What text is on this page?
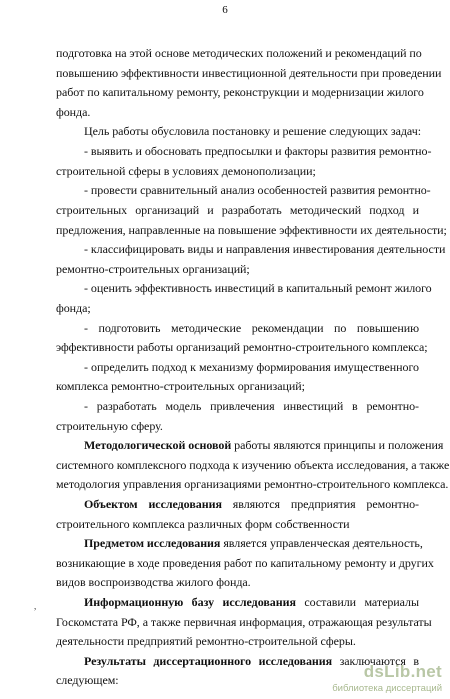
6
подготовка на этой основе методических положений и рекомендаций по
повышению эффективности инвестиционной деятельности при проведении
работ по капитальному ремонту, реконструкции и модернизации жилого
фонда.
Цель работы обусловила постановку и решение следующих задач:
- выявить и обосновать предпосылки и факторы развития ремонтно-
строительной сферы в условиях демонополизации;
- провести сравнительный анализ особенностей развития ремонтно-
строительных организаций и разработать методический подход и
предложения, направленные на повышение эффективности их деятельности;
- классифицировать виды и направления инвестирования деятельности
ремонтно-строительных организаций;
- оценить эффективность инвестиций в капитальный ремонт жилого
фонда;
- подготовить методические рекомендации по повышению
эффективности работы организаций ремонтно-строительного комплекса;
- определить подход к механизму формирования имущественного
комплекса ремонтно-строительных организаций;
- разработать модель привлечения инвестиций в ремонтно-
строительную сферу.
Методологической основой работы являются принципы и положения
системного комплексного подхода к изучению объекта исследования, а также
методология управления организациями ремонтно-строительного комплекса.
Объектом исследования являются предприятия ремонтно-
строительного комплекса различных форм собственности
Предметом исследования является управленческая деятельность,
возникающие в ходе проведения работ по капитальному ремонту и других
видов воспроизводства жилого фонда.
Информационную базу исследования составили материалы
Госкомстата РФ, а также первичная информация, отражающая результаты
деятельности предприятий ремонтно-строительной сферы.
Результаты диссертационного исследования заключаются в
следующем:
,
dsLib.net
библиотека диссертаций
